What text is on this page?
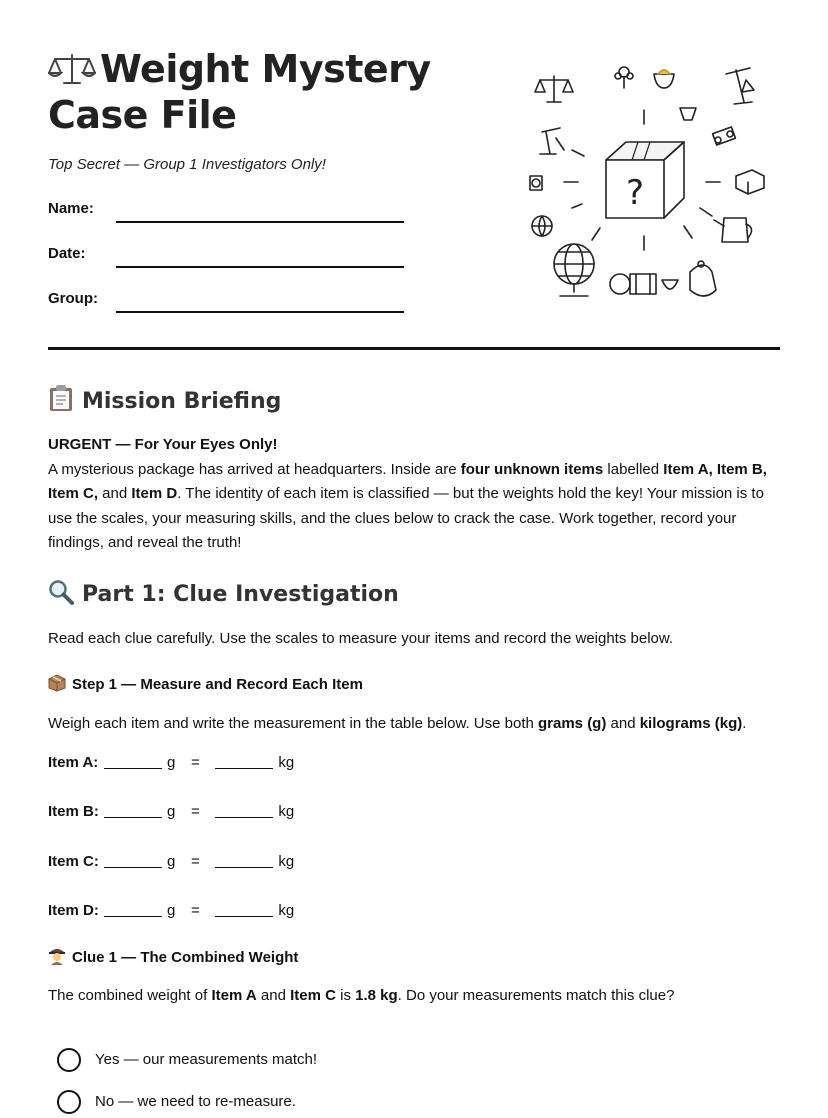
Weight Mystery Case File
Top Secret — Group 1 Investigators Only!
Name:
Date:
Group:
?
Mission Briefing
URGENT — For Your Eyes Only!
A mysterious package has arrived at headquarters. Inside are four unknown items labelled Item A, Item B, Item C, and Item D. The identity of each item is classified — but the weights hold the key! Your mission is to use the scales, your measuring skills, and the clues below to crack the case. Work together, record your findings, and reveal the truth!
Part 1: Clue Investigation
Read each clue carefully. Use the scales to measure your items and record the weights below.
Step 1 — Measure and Record Each Item
Weigh each item and write the measurement in the table below. Use both grams (g) and kilograms (kg).
Item A:	g =	kg
Item B:	g =	kg
Item C:	g =	kg
Item D:	g =	kg
Clue 1 — The Combined Weight
The combined weight of Item A and Item C is 1.8 kg. Do your measurements match this clue?
Yes — our measurements match!
No — we need to re-measure.
